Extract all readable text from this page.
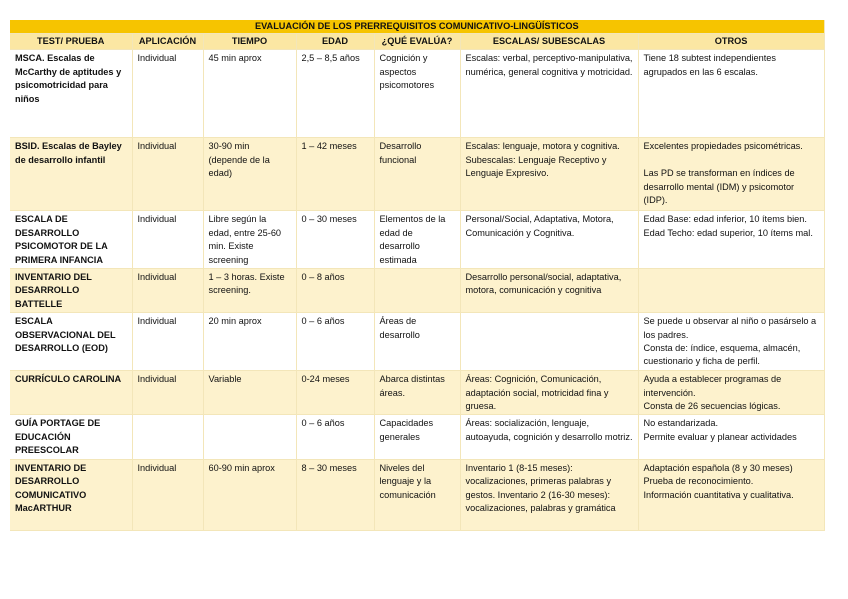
EVALUACIÓN DE LOS PRERREQUISITOS COMUNICATIVO-LINGÜÍSTICOS						
TEST/ PRUEBA	APLICACIÓN	TIEMPO	EDAD	¿QUÉ EVALÚA?	ESCALAS/ SUBESCALAS	OTROS
MSCA. Escalas de McCarthy de aptitudes y psicomotricidad para niños	Individual	45 min aprox	2,5 – 8,5 años	Cognición y aspectos psicomotores	Escalas: verbal, perceptivo-manipulativa, numérica, general cognitiva y motricidad.	Tiene 18 subtest independientes agrupados en las 6 escalas.

BSID. Escalas de Bayley de desarrollo infantil	Individual	30-90 min (depende de la edad)	1 – 42 meses	Desarrollo funcional	Escalas: lenguaje, motora y cognitiva. Subescalas: Lenguaje Receptivo y Lenguaje Expresivo.	Excelentes propiedades psicométricas.

Las PD se transforman en índices de desarrollo mental (IDM) y psicomotor (IDP).

ESCALA DE DESARROLLO PSICOMOTOR DE LA PRIMERA INFANCIA	Individual	Libre según la edad, entre 25-60 min. Existe screening	0 – 30 meses	Elementos de la edad de desarrollo estimada	Personal/Social, Adaptativa, Motora, Comunicación y Cognitiva.	Edad Base: edad inferior, 10 ítems bien.
Edad Techo: edad superior, 10 ítems mal.

INVENTARIO DEL DESARROLLO BATTELLE	Individual	1 – 3 horas. Existe screening.	0 – 8 años		Desarrollo personal/social, adaptativa, motora, comunicación y cognitiva	
ESCALA OBSERVACIONAL DEL DESARROLLO (EOD)	Individual	20 min aprox	0 – 6 años	Áreas de desarrollo		Se puede u observar al niño o pasárselo a los padres.
Consta de: índice, esquema, almacén, cuestionario y ficha de perfil.

CURRÍCULO CAROLINA	Individual	Variable	0-24 meses	Abarca distintas áreas.	Áreas: Cognición, Comunicación, adaptación social, motricidad fina y gruesa.	Ayuda a establecer programas de intervención.
Consta de 26 secuencias lógicas.

GUÍA PORTAGE DE EDUCACIÓN PREESCOLAR			0 – 6 años	Capacidades generales	Áreas: socialización, lenguaje, autoayuda, cognición y desarrollo motriz.	No estandarizada.
Permite evaluar y planear actividades

INVENTARIO DE DESARROLLO COMUNICATIVO MacARTHUR	Individual	60-90 min aprox	8 – 30 meses	Niveles del lenguaje y la comunicación	Inventario 1 (8-15 meses): vocalizaciones, primeras palabras y gestos. Inventario 2 (16-30 meses): vocalizaciones, palabras y gramática	Adaptación española (8 y 30 meses)
Prueba de reconocimiento.
Información cuantitativa y cualitativa.
